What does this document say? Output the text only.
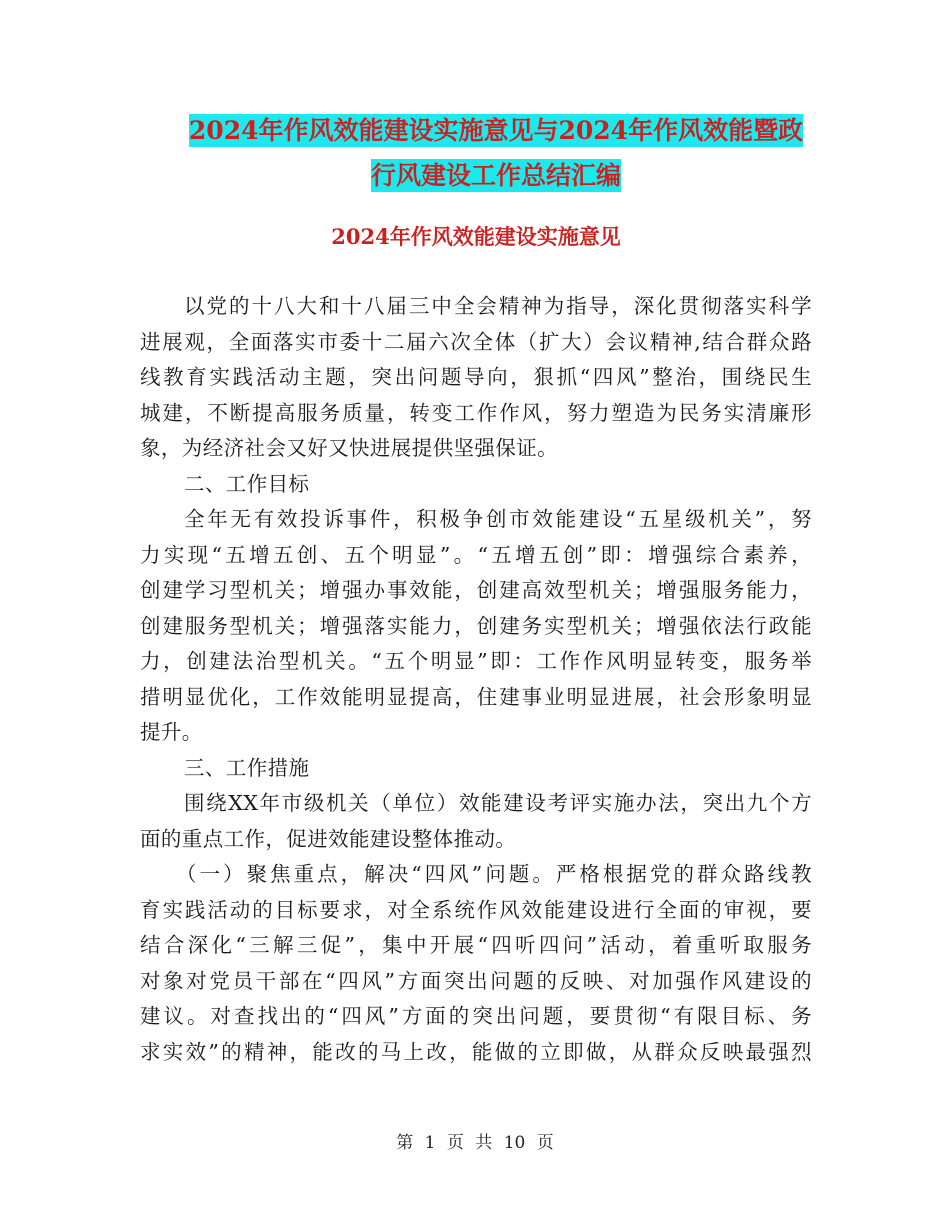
2024年作风效能建设实施意见与2024年作风效能暨政
行风建设工作总结汇编
2024年作风效能建设实施意见
以党的十八大和十八届三中全会精神为指导，深化贯彻落实科学
进展观，全面落实市委十二届六次全体（扩大）会议精神,结合群众路
线教育实践活动主题，突出问题导向，狠抓“四风”整治，围绕民生
城建，不断提高服务质量，转变工作作风，努力塑造为民务实清廉形
象，为经济社会又好又快进展提供坚强保证。
二、工作目标
全年无有效投诉事件，积极争创市效能建设“五星级机关”，努
力实现“五增五创、五个明显”。“五增五创”即：增强综合素养，
创建学习型机关；增强办事效能，创建高效型机关；增强服务能力，
创建服务型机关；增强落实能力，创建务实型机关；增强依法行政能
力，创建法治型机关。“五个明显”即：工作作风明显转变，服务举
措明显优化，工作效能明显提高，住建事业明显进展，社会形象明显
提升。
三、工作措施
围绕XX年市级机关（单位）效能建设考评实施办法，突出九个方
面的重点工作，促进效能建设整体推动。
（一）聚焦重点，解决“四风”问题。严格根据党的群众路线教
育实践活动的目标要求，对全系统作风效能建设进行全面的审视，要
结合深化“三解三促”，集中开展“四听四问”活动，着重听取服务
对象对党员干部在“四风”方面突出问题的反映、对加强作风建设的
建议。对查找出的“四风”方面的突出问题，要贯彻“有限目标、务
求实效”的精神，能改的马上改，能做的立即做，从群众反映最强烈
第 1 页 共 10 页
